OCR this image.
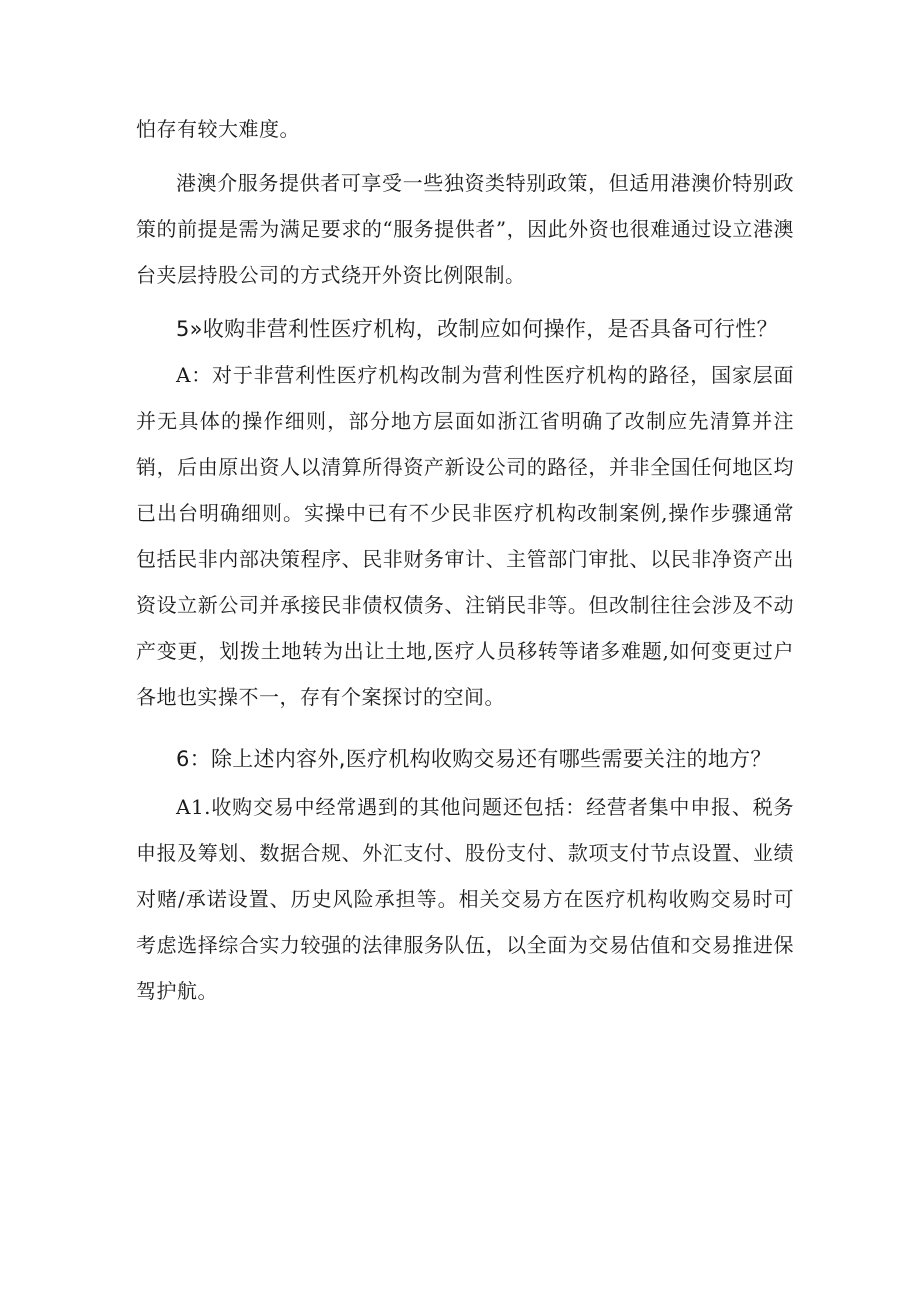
怕存有较大难度。

港澳介服务提供者可享受一些独资类特别政策，但适用港澳价特别政策的前提是需为满足要求的“服务提供者”，因此外资也很难通过设立港澳台夹层持股公司的方式绕开外资比例限制。

5»收购非营利性医疗机构，改制应如何操作，是否具备可行性？

A：对于非营利性医疗机构改制为营利性医疗机构的路径，国家层面并无具体的操作细则，部分地方层面如浙江省明确了改制应先清算并注销，后由原出资人以清算所得资产新设公司的路径，并非全国任何地区均已出台明确细则。实操中已有不少民非医疗机构改制案例,操作步骤通常包括民非内部决策程序、民非财务审计、主管部门审批、以民非净资产出资设立新公司并承接民非债权债务、注销民非等。但改制往往会涉及不动产变更，划拨土地转为出让土地,医疗人员移转等诸多难题,如何变更过户各地也实操不一，存有个案探讨的空间。

6：除上述内容外,医疗机构收购交易还有哪些需要关注的地方？

A1.收购交易中经常遇到的其他问题还包括：经营者集中申报、税务申报及筹划、数据合规、外汇支付、股份支付、款项支付节点设置、业绩对赌/承诺设置、历史风险承担等。相关交易方在医疗机构收购交易时可考虑选择综合实力较强的法律服务队伍，以全面为交易估值和交易推进保驾护航。
